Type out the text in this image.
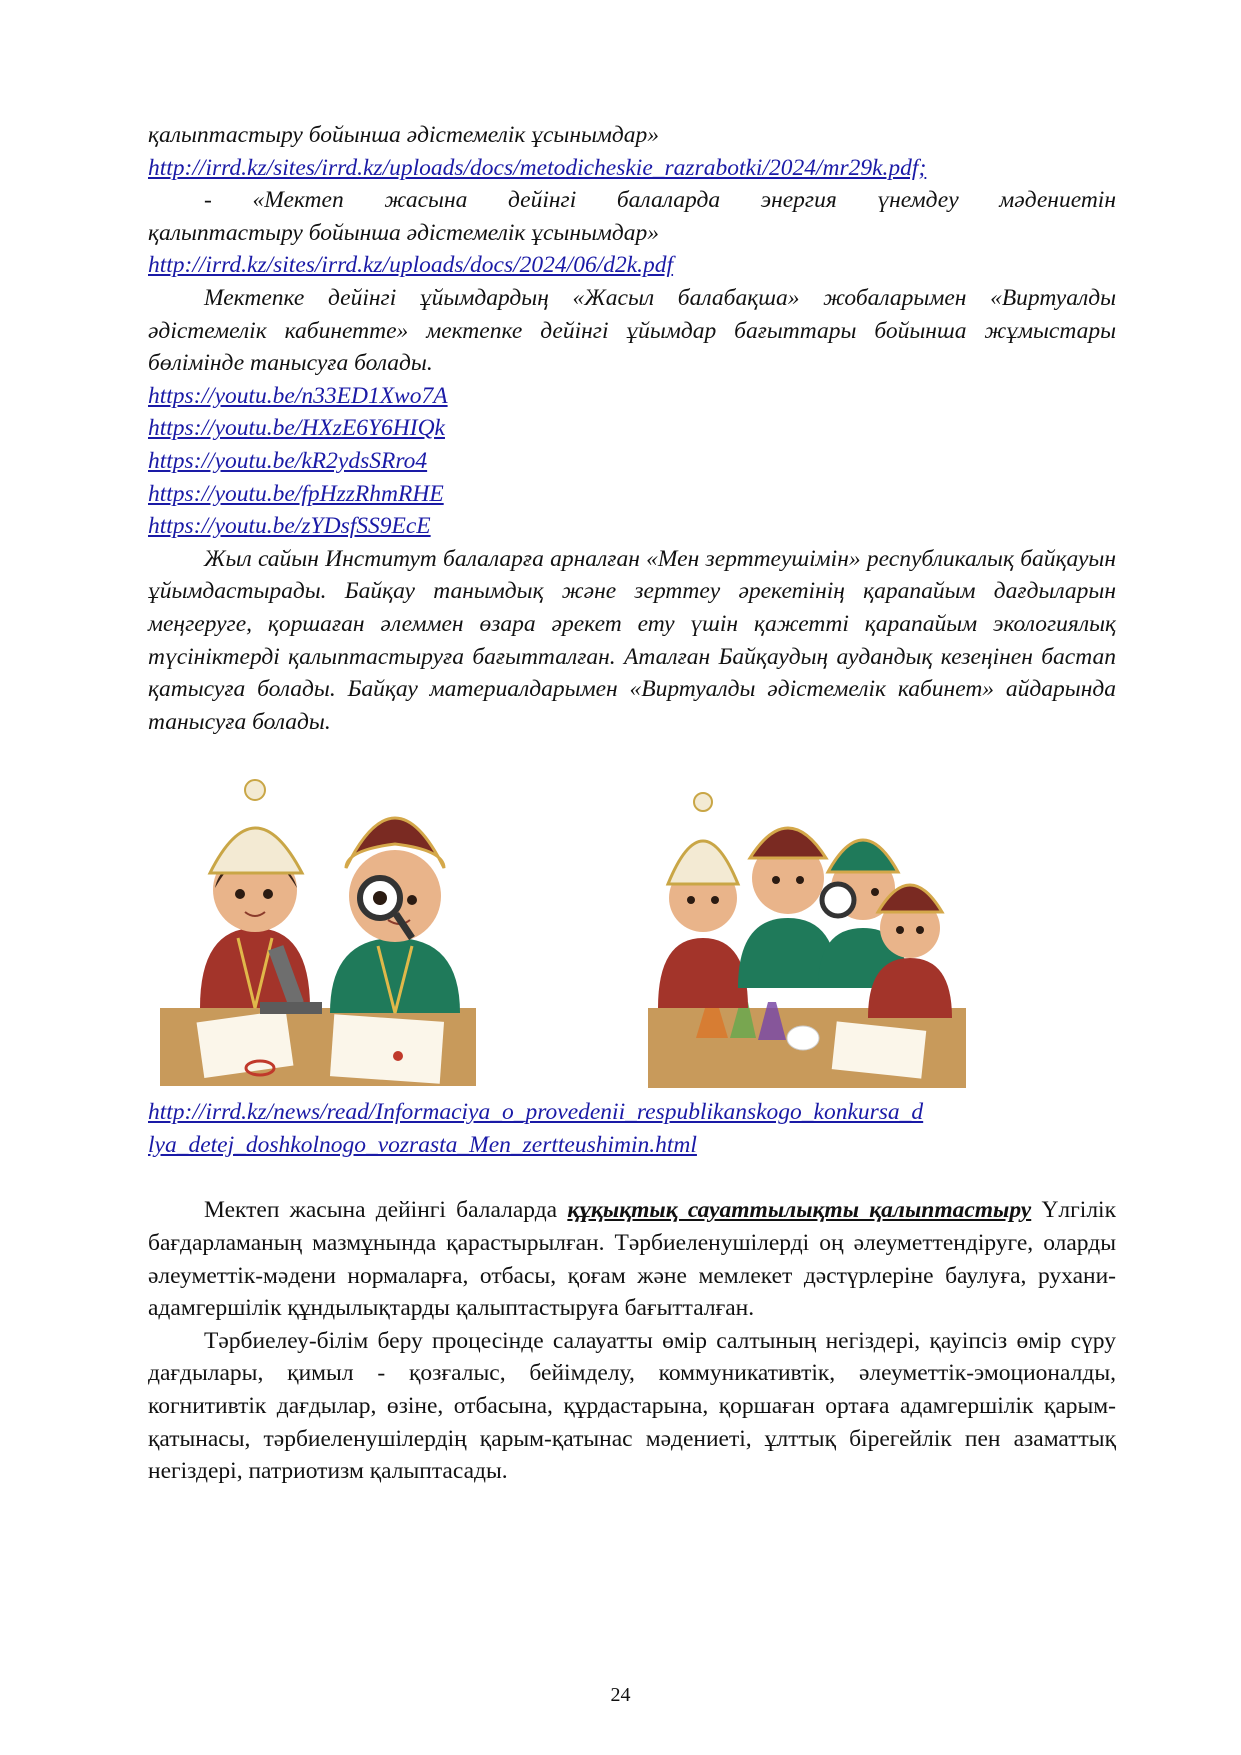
қалыптастыру бойынша әдістемелік ұсынымдар»

http://irrd.kz/sites/irrd.kz/uploads/docs/metodicheskie_razrabotki/2024/mr29k.pdf;

- «Мектеп жасына дейінгі балаларда энергия үнемдеу мәдениетін

қалыптастыру бойынша әдістемелік ұсынымдар»

http://irrd.kz/sites/irrd.kz/uploads/docs/2024/06/d2k.pdf

Мектепке дейінгі ұйымдардың «Жасыл балабақша» жобаларымен «Виртуалды әдістемелік кабинетте» мектепке дейінгі ұйымдар бағыттары бойынша жұмыстары бөлімінде танысуға болады.

https://youtu.be/n33ED1Xwo7A
https://youtu.be/HXzE6Y6HIQk
https://youtu.be/kR2ydsSRro4
https://youtu.be/fpHzzRhmRHE
https://youtu.be/zYDsfSS9EcE

Жыл сайын Институт балаларға арналған «Мен зерттеушімін» республикалық байқауын ұйымдастырады. Байқау танымдық және зерттеу әрекетінің қарапайым дағдыларын меңгеруге, қоршаған әлеммен өзара әрекет ету үшін қажетті қарапайым экологиялық түсініктерді қалыптастыруға бағытталған. Аталған Байқаудың аудандық кезеңінен бастап қатысуға болады. Байқау материалдарымен «Виртуалды әдістемелік кабинет» айдарында танысуға болады.

http://irrd.kz/news/read/Informaciya_o_provedenii_respublikanskogo_konkursa_d
lya_detej_doshkolnogo_vozrasta_Men_zertteushimin.html

Мектеп жасына дейінгі балаларда құқықтық сауаттылықты қалыптастыру Үлгілік бағдарламаның мазмұнында қарастырылған. Тәрбиеленушілерді оң әлеуметтендіруге, оларды әлеуметтік-мәдени нормаларға, отбасы, қоғам және мемлекет дәстүрлеріне баулуға, рухани-адамгершілік құндылықтарды қалыптастыруға бағытталған.

Тәрбиелеу-білім беру процесінде салауатты өмір салтының негіздері, қауіпсіз өмір сүру дағдылары, қимыл - қозғалыс, бейімделу, коммуникативтік, әлеуметтік-эмоционалды, когнитивтік дағдылар, өзіне, отбасына, құрдастарына, қоршаған ортаға адамгершілік қарым-қатынасы, тәрбиеленушілердің қарым-қатынас мәдениеті, ұлттық бірегейлік пен азаматтық негіздері, патриотизм қалыптасады.

24
